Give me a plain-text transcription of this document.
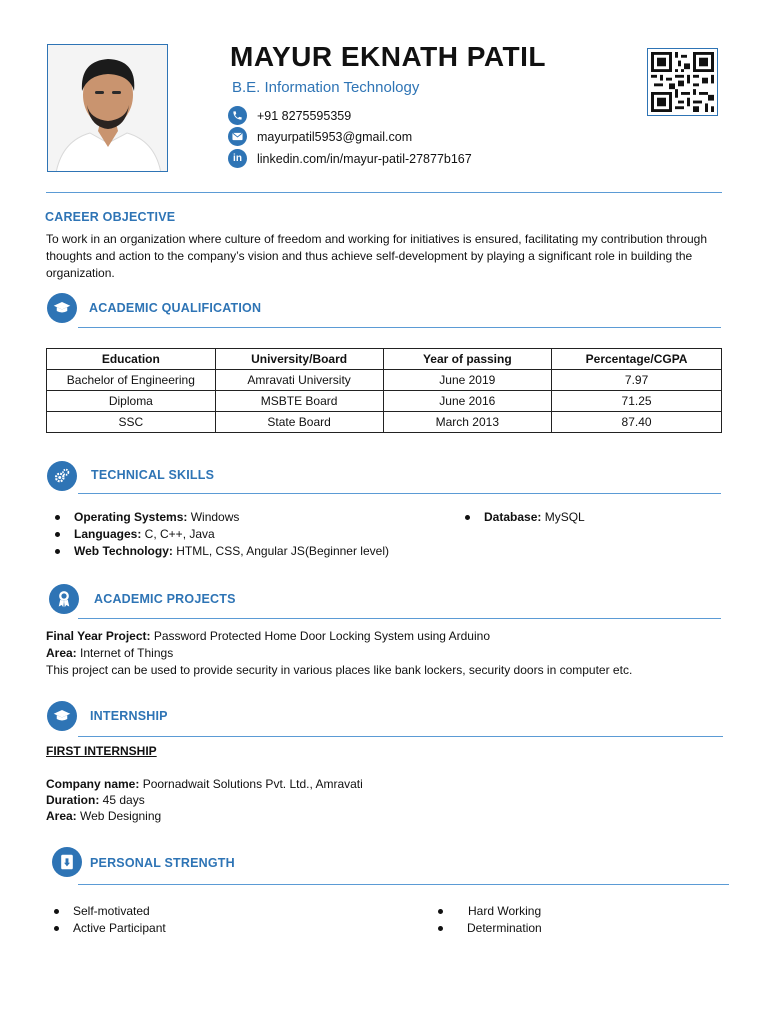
MAYUR EKNATH PATIL
B.E. Information Technology
+91 8275595359
mayurpatil5953@gmail.com
in	linkedin.com/in/mayur-patil-27877b167
CAREER OBJECTIVE
To work in an organization where culture of freedom and working for initiatives is ensured, facilitating my contribution through thoughts and action to the company’s vision and thus achieve self-development by playing a significant role in building the organization.
ACADEMIC QUALIFICATION
Education	University/Board	Year of passing	Percentage/CGPA
Bachelor of Engineering	Amravati University	June 2019	7.97
Diploma	MSBTE Board	June 2016	71.25
SSC	State Board	March 2013	87.40
TECHNICAL SKILLS
Operating Systems: Windows
Languages: C, C++, Java
Web Technology: HTML, CSS, Angular JS(Beginner level)
Database: MySQL
ACADEMIC PROJECTS
Final Year Project: Password Protected Home Door Locking System using Arduino
Area: Internet of Things
This project can be used to provide security in various places like bank lockers, security doors in computer etc.
INTERNSHIP
FIRST INTERNSHIP
Company name: Poornadwait Solutions Pvt. Ltd., Amravati
Duration: 45 days
Area: Web Designing
PERSONAL STRENGTH
Self-motivated
Active Participant
Hard Working
Determination
